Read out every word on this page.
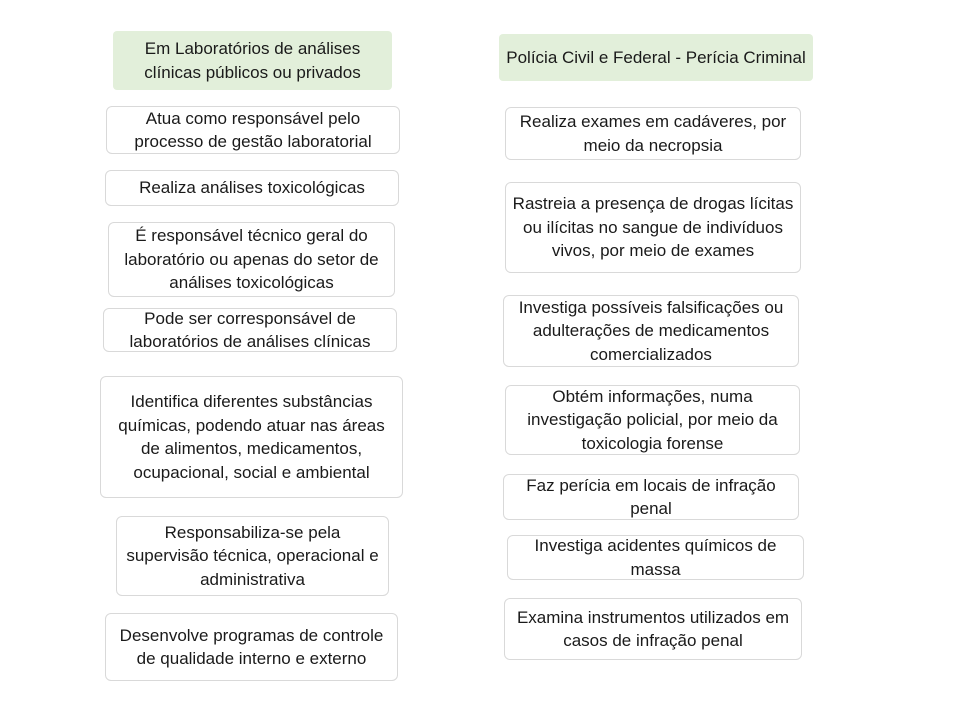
Em Laboratórios de análises clínicas públicos ou privados
Atua como responsável pelo processo de gestão laboratorial
Realiza análises toxicológicas
É responsável técnico geral do laboratório ou apenas do setor de análises toxicológicas
Pode ser corresponsável de laboratórios de análises clínicas
Identifica diferentes substâncias químicas, podendo atuar nas áreas de alimentos, medicamentos, ocupacional, social e ambiental
Responsabiliza-se pela supervisão técnica, operacional e administrativa
Desenvolve programas de controle de qualidade interno e externo
Polícia Civil e Federal - Perícia Criminal
Realiza exames em cadáveres, por meio da necropsia
Rastreia a presença de drogas lícitas ou ilícitas no sangue de indivíduos vivos, por meio de exames
Investiga possíveis falsificações ou adulterações de medicamentos comercializados
Obtém informações, numa investigação policial, por meio da toxicologia forense
Faz perícia em locais de infração penal
Investiga acidentes químicos de massa
Examina instrumentos utilizados em casos de infração penal
